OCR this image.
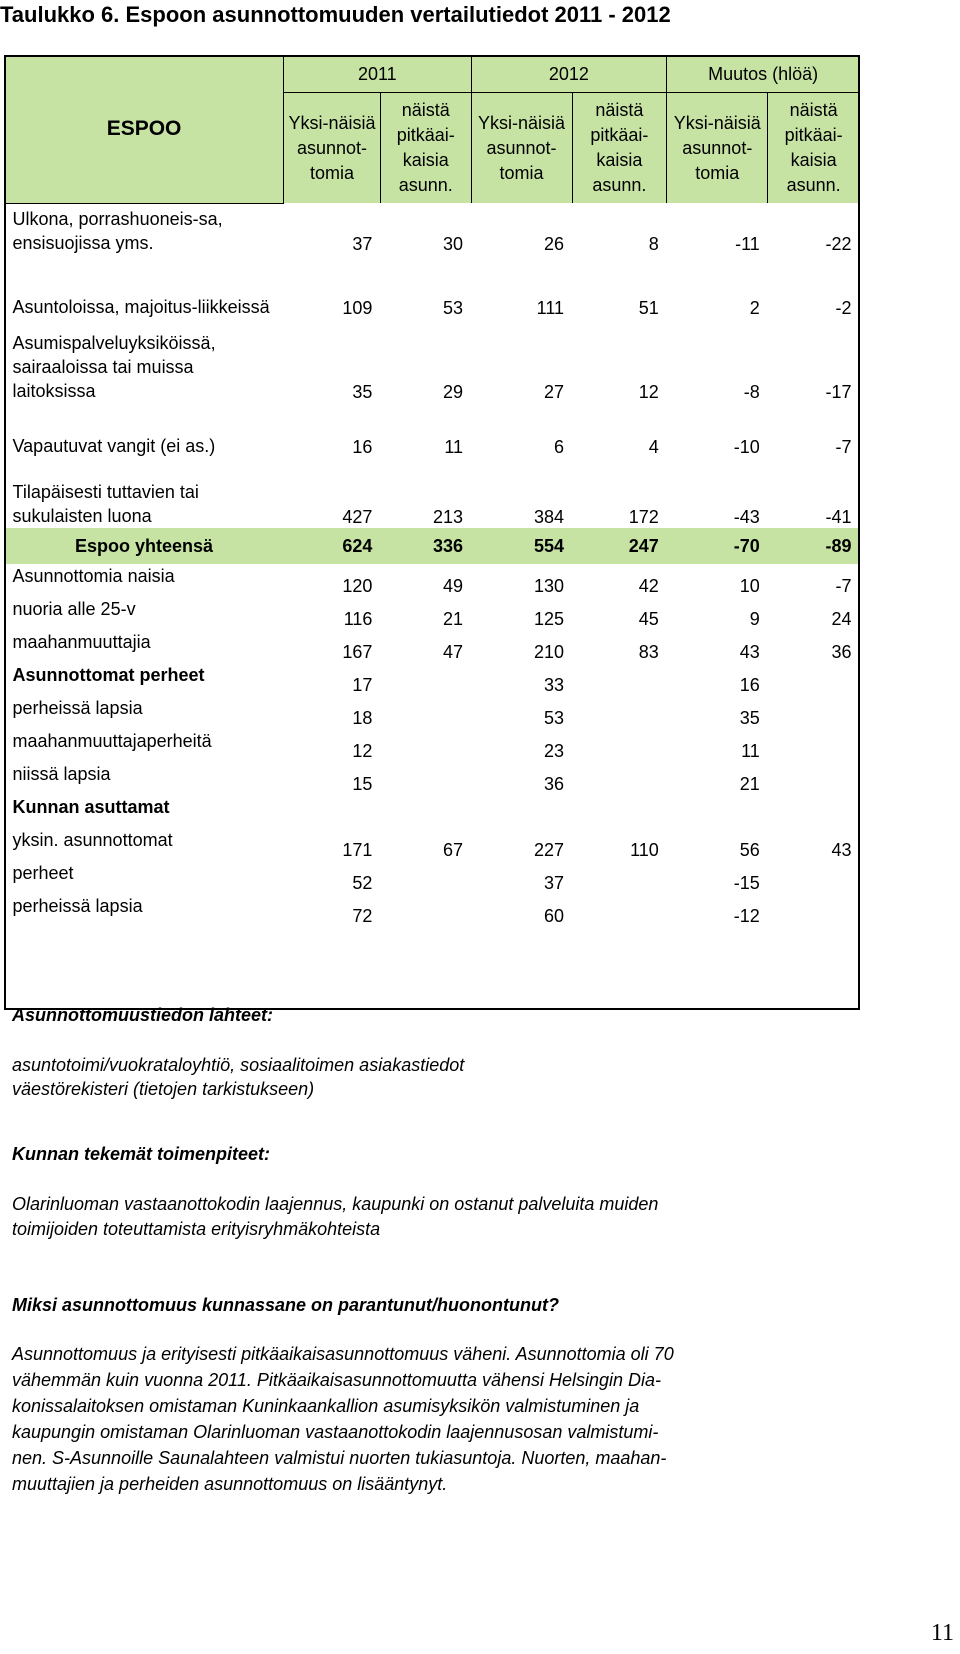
Taulukko 6. Espoon asunnottomuuden vertailutiedot 2011 - 2012
ESPOO	2011		2012		Muutos (hlöä)	
	Yksi-näisiä asunnot-tomia	näistä pitkäai-kaisia asunn.	Yksi-näisiä asunnot-tomia	näistä pitkäai-kaisia asunn.	Yksi-näisiä asunnot-tomia	näistä pitkäai-kaisia asunn.
Ulkona, porrashuoneis-sa, ensisuojissa yms.	37	30	26	8	-11	-22
Asuntoloissa, majoitus-liikkeissä	109	53	111	51	2	-2
Asumispalveluyksiköissä, sairaaloissa tai muissa laitoksissa	35	29	27	12	-8	-17
Vapautuvat vangit (ei as.)	16	11	6	4	-10	-7
Tilapäisesti tuttavien tai sukulaisten luona	427	213	384	172	-43	-41
Espoo yhteensä	624	336	554	247	-70	-89
Asunnottomia naisia	120	49	130	42	10	-7
nuoria alle 25-v	116	21	125	45	9	24
maahanmuuttajia	167	47	210	83	43	36
Asunnottomat perheet	17		33		16	
perheissä lapsia	18		53		35	
maahanmuuttajaperheitä	12		23		11	
niissä lapsia	15		36		21	
Kunnan asuttamat						
yksin. asunnottomat	171	67	227	110	56	43
perheet	52		37		-15	
perheissä lapsia	72		60		-12	
Asunnottomuustiedon lähteet:
asuntotoimi/vuokrataloyhtiö, sosiaalitoimen asiakastiedot
väestörekisteri (tietojen tarkistukseen)
Kunnan tekemät toimenpiteet:
Olarinluoman vastaanottokodin laajennus, kaupunki on ostanut palveluita muiden
toimijoiden toteuttamista erityisryhmäkohteista
Miksi asunnottomuus kunnassane on parantunut/huonontunut?
Asunnottomuus ja erityisesti pitkäaikaisasunnottomuus väheni. Asunnottomia oli 70
vähemmän kuin vuonna 2011. Pitkäaikaisasunnottomuutta vähensi Helsingin Dia-
konissalaitoksen omistaman Kuninkaankallion asumisyksikön valmistuminen ja
kaupungin omistaman Olarinluoman vastaanottokodin laajennusosan valmistumi-
nen. S-Asunnoille Saunalahteen valmistui nuorten tukiasuntoja. Nuorten, maahan-
muuttajien ja perheiden asunnottomuus on lisääntynyt.
11
